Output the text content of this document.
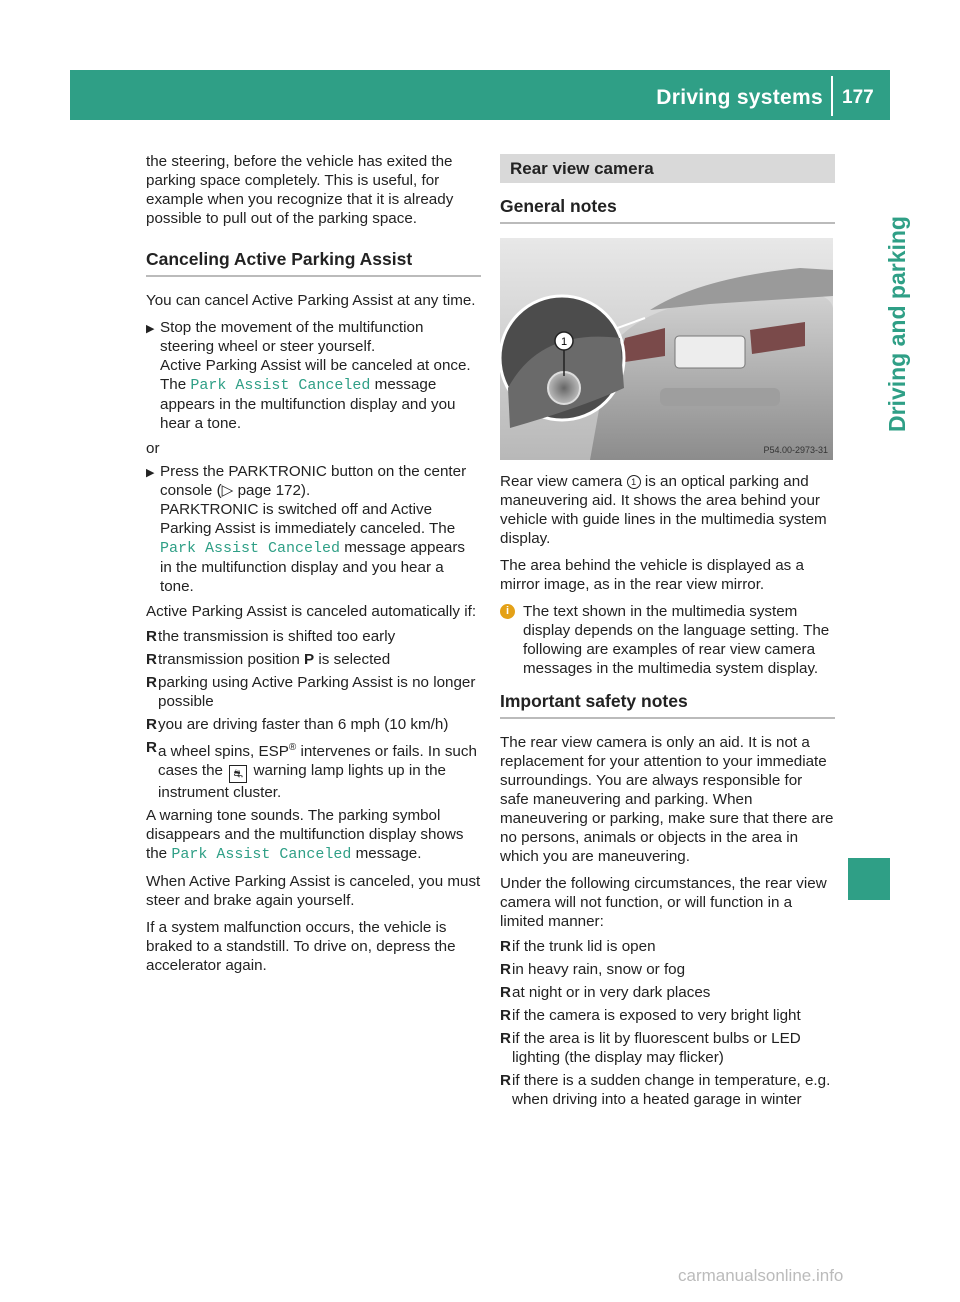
Driving systems 177
Driving and parking

the steering, before the vehicle has exited the parking space completely. This is useful, for example when you recognize that it is already possible to pull out of the parking space.

Canceling Active Parking Assist

You can cancel Active Parking Assist at any time.

▶ Stop the movement of the multifunction steering wheel or steer yourself.
Active Parking Assist will be canceled at once. The Park Assist Canceled message appears in the multifunction display and you hear a tone.

or

▶ Press the PARKTRONIC button on the center console (▷ page 172).
PARKTRONIC is switched off and Active Parking Assist is immediately canceled. The Park Assist Canceled message appears in the multifunction display and you hear a tone.

Active Parking Assist is canceled automatically if:

R the transmission is shifted too early
R transmission position P is selected
R parking using Active Parking Assist is no longer possible
R you are driving faster than 6 mph (10 km/h)
R a wheel spins, ESP® intervenes or fails. In such cases the ⛐ warning lamp lights up in the instrument cluster.

A warning tone sounds. The parking symbol disappears and the multifunction display shows the Park Assist Canceled message.

When Active Parking Assist is canceled, you must steer and brake again yourself.

If a system malfunction occurs, the vehicle is braked to a standstill. To drive on, depress the accelerator again.

Rear view camera
General notes
1
P54.00-2973-31

Rear view camera 1 is an optical parking and maneuvering aid. It shows the area behind your vehicle with guide lines in the multimedia system display.

The area behind the vehicle is displayed as a mirror image, as in the rear view mirror.

i The text shown in the multimedia system display depends on the language setting. The following are examples of rear view camera messages in the multimedia system display.
Important safety notes

The rear view camera is only an aid. It is not a replacement for your attention to your immediate surroundings. You are always responsible for safe maneuvering and parking. When maneuvering or parking, make sure that there are no persons, animals or objects in the area in which you are maneuvering.

Under the following circumstances, the rear view camera will not function, or will function in a limited manner:

R if the trunk lid is open
R in heavy rain, snow or fog
R at night or in very dark places
R if the camera is exposed to very bright light
R if the area is lit by fluorescent bulbs or LED lighting (the display may flicker)
R if there is a sudden change in temperature, e.g. when driving into a heated garage in winter
carmanualsonline.info
